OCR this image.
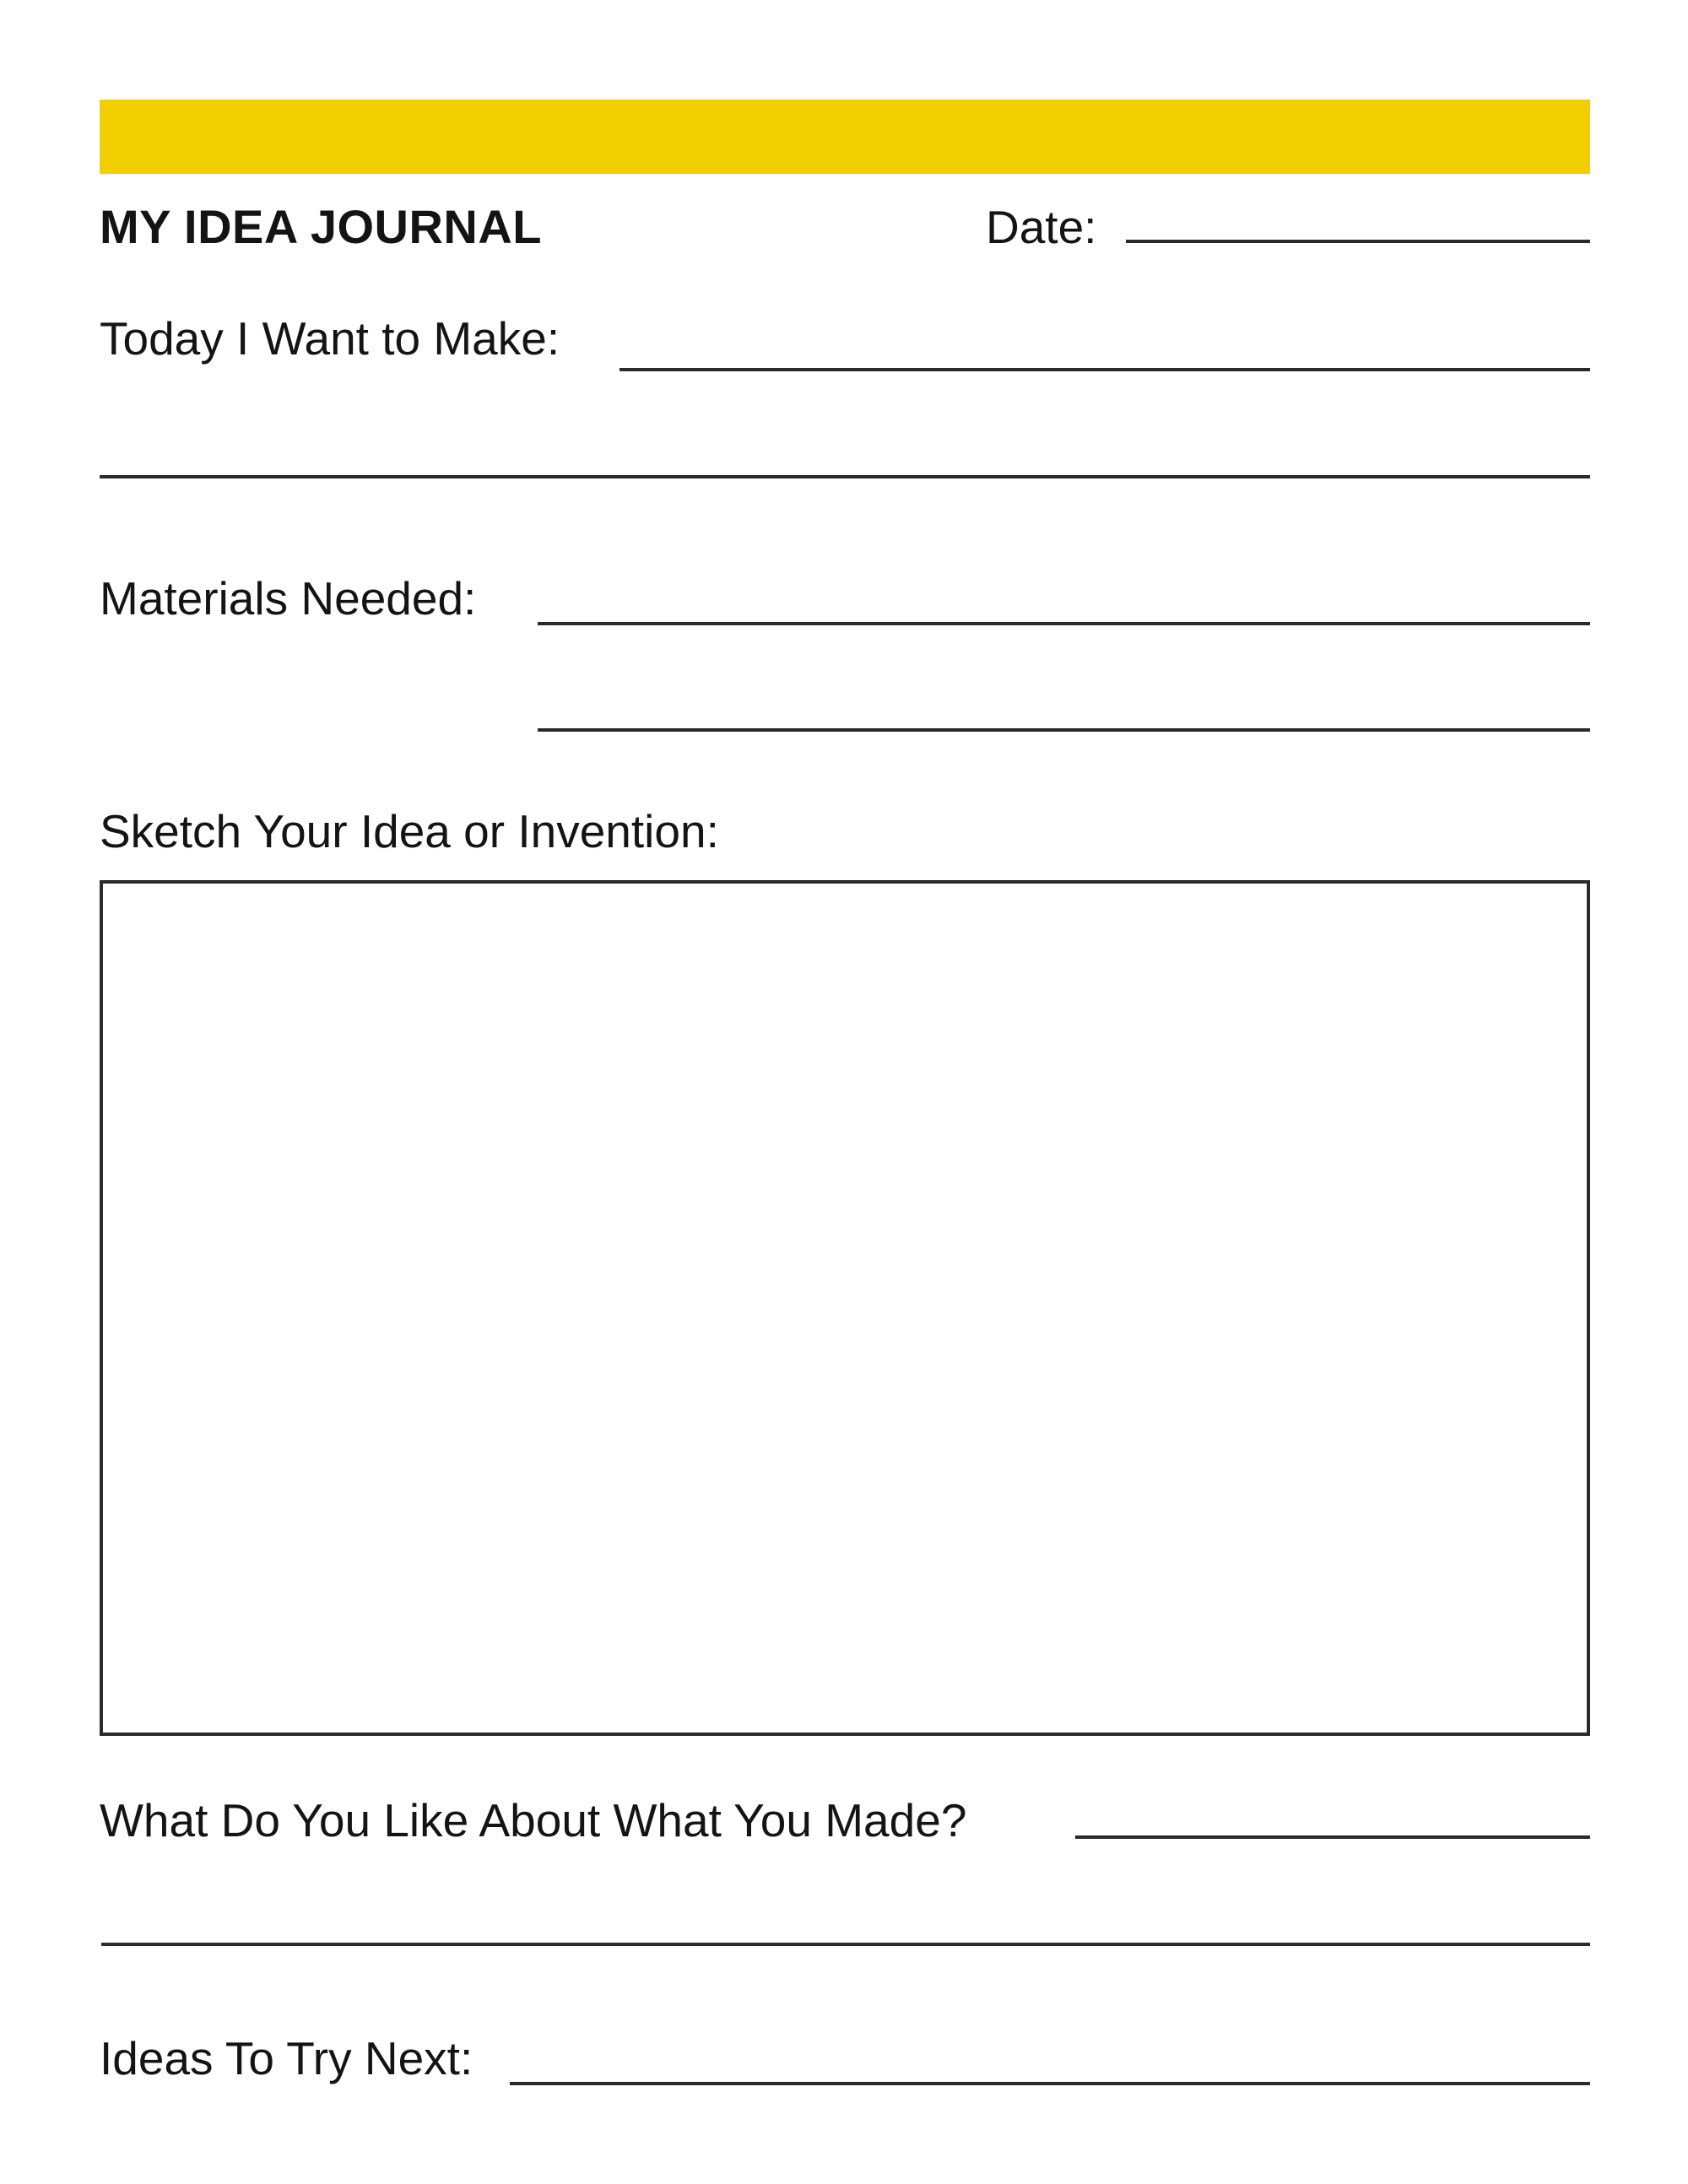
MY IDEA JOURNAL	Date:
Today I Want to Make:
Materials Needed:
Sketch Your Idea or Invention:
What Do You Like About What You Made?
Ideas To Try Next:
